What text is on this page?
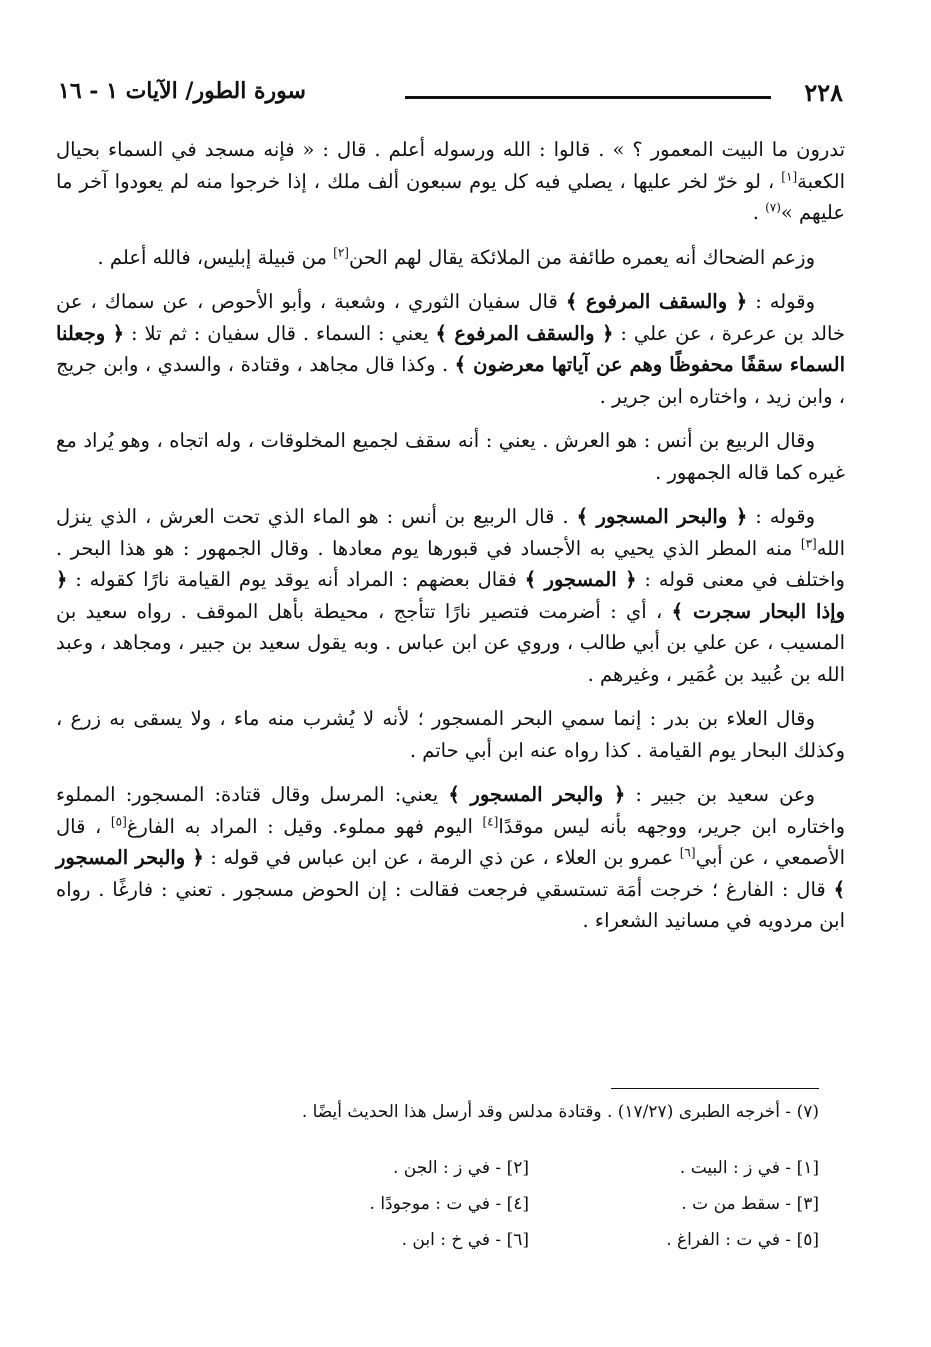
٢٢٨
سورة الطور/ الآيات ١ - ١٦

تدرون ما البيت المعمور ؟ » . قالوا : الله ورسوله أعلم . قال : « فإنه مسجد في السماء بحيال الكعبة[١] ، لو خرّ لخر عليها ، يصلي فيه كل يوم سبعون ألف ملك ، إذا خرجوا منه لم يعودوا آخر ما عليهم »$^{(٧)}$ .

وزعم الضحاك أنه يعمره طائفة من الملائكة يقال لهم الحن[٢] من قبيلة إبليس، فالله أعلم .

وقوله : ﴿ والسقف المرفوع ﴾ قال سفيان الثوري ، وشعبة ، وأبو الأحوص ، عن سماك ، عن خالد بن عرعرة ، عن علي : ﴿ والسقف المرفوع ﴾ يعني : السماء . قال سفيان : ثم تلا : ﴿ وجعلنا السماء سقفًا محفوظًا وهم عن آياتها معرضون ﴾ . وكذا قال مجاهد ، وقتادة ، والسدي ، وابن جريج ، وابن زيد ، واختاره ابن جرير .

وقال الربيع بن أنس : هو العرش . يعني : أنه سقف لجميع المخلوقات ، وله اتجاه ، وهو يُراد مع غيره كما قاله الجمهور .

وقوله : ﴿ والبحر المسجور ﴾ . قال الربيع بن أنس : هو الماء الذي تحت العرش ، الذي ينزل الله[٣] منه المطر الذي يحيي به الأجساد في قبورها يوم معادها . وقال الجمهور : هو هذا البحر . واختلف في معنى قوله : ﴿ المسجور ﴾ فقال بعضهم : المراد أنه يوقد يوم القيامة نارًا كقوله : ﴿ وإذا البحار سجرت ﴾ ، أي : أضرمت فتصير نارًا تتأجج ، محيطة بأهل الموقف . رواه سعيد بن المسيب ، عن علي بن أبي طالب ، وروي عن ابن عباس . وبه يقول سعيد بن جبير ، ومجاهد ، وعبد الله بن عُبيد بن عُمَير ، وغيرهم .

وقال العلاء بن بدر : إنما سمي البحر المسجور ؛ لأنه لا يُشرب منه ماء ، ولا يسقى به زرع ، وكذلك البحار يوم القيامة . كذا رواه عنه ابن أبي حاتم .

وعن سعيد بن جبير : ﴿ والبحر المسجور ﴾ يعني: المرسل وقال قتادة: المسجور: المملوء واختاره ابن جرير، ووجهه بأنه ليس موقدًا[٤] اليوم فهو مملوء. وقيل : المراد به الفارغ[٥] ، قال الأصمعي ، عن أبي[٦] عمرو بن العلاء ، عن ذي الرمة ، عن ابن عباس في قوله : ﴿ والبحر المسجور ﴾ قال : الفارغ ؛ خرجت أمَة تستسقي فرجعت فقالت : إن الحوض مسجور . تعني : فارغًا . رواه ابن مردويه في مسانيد الشعراء .

(٧) - أخرجه الطبرى (١٧/٢٧) . وقتادة مدلس وقد أرسل هذا الحديث أيضًا .
[١] - في ز : البيت .
[٢] - في ز : الجن .
[٣] - سقط من ت .
[٤] - في ت : موجودًا .
[٥] - في ت : الفراغ .
[٦] - في خ : ابن .
